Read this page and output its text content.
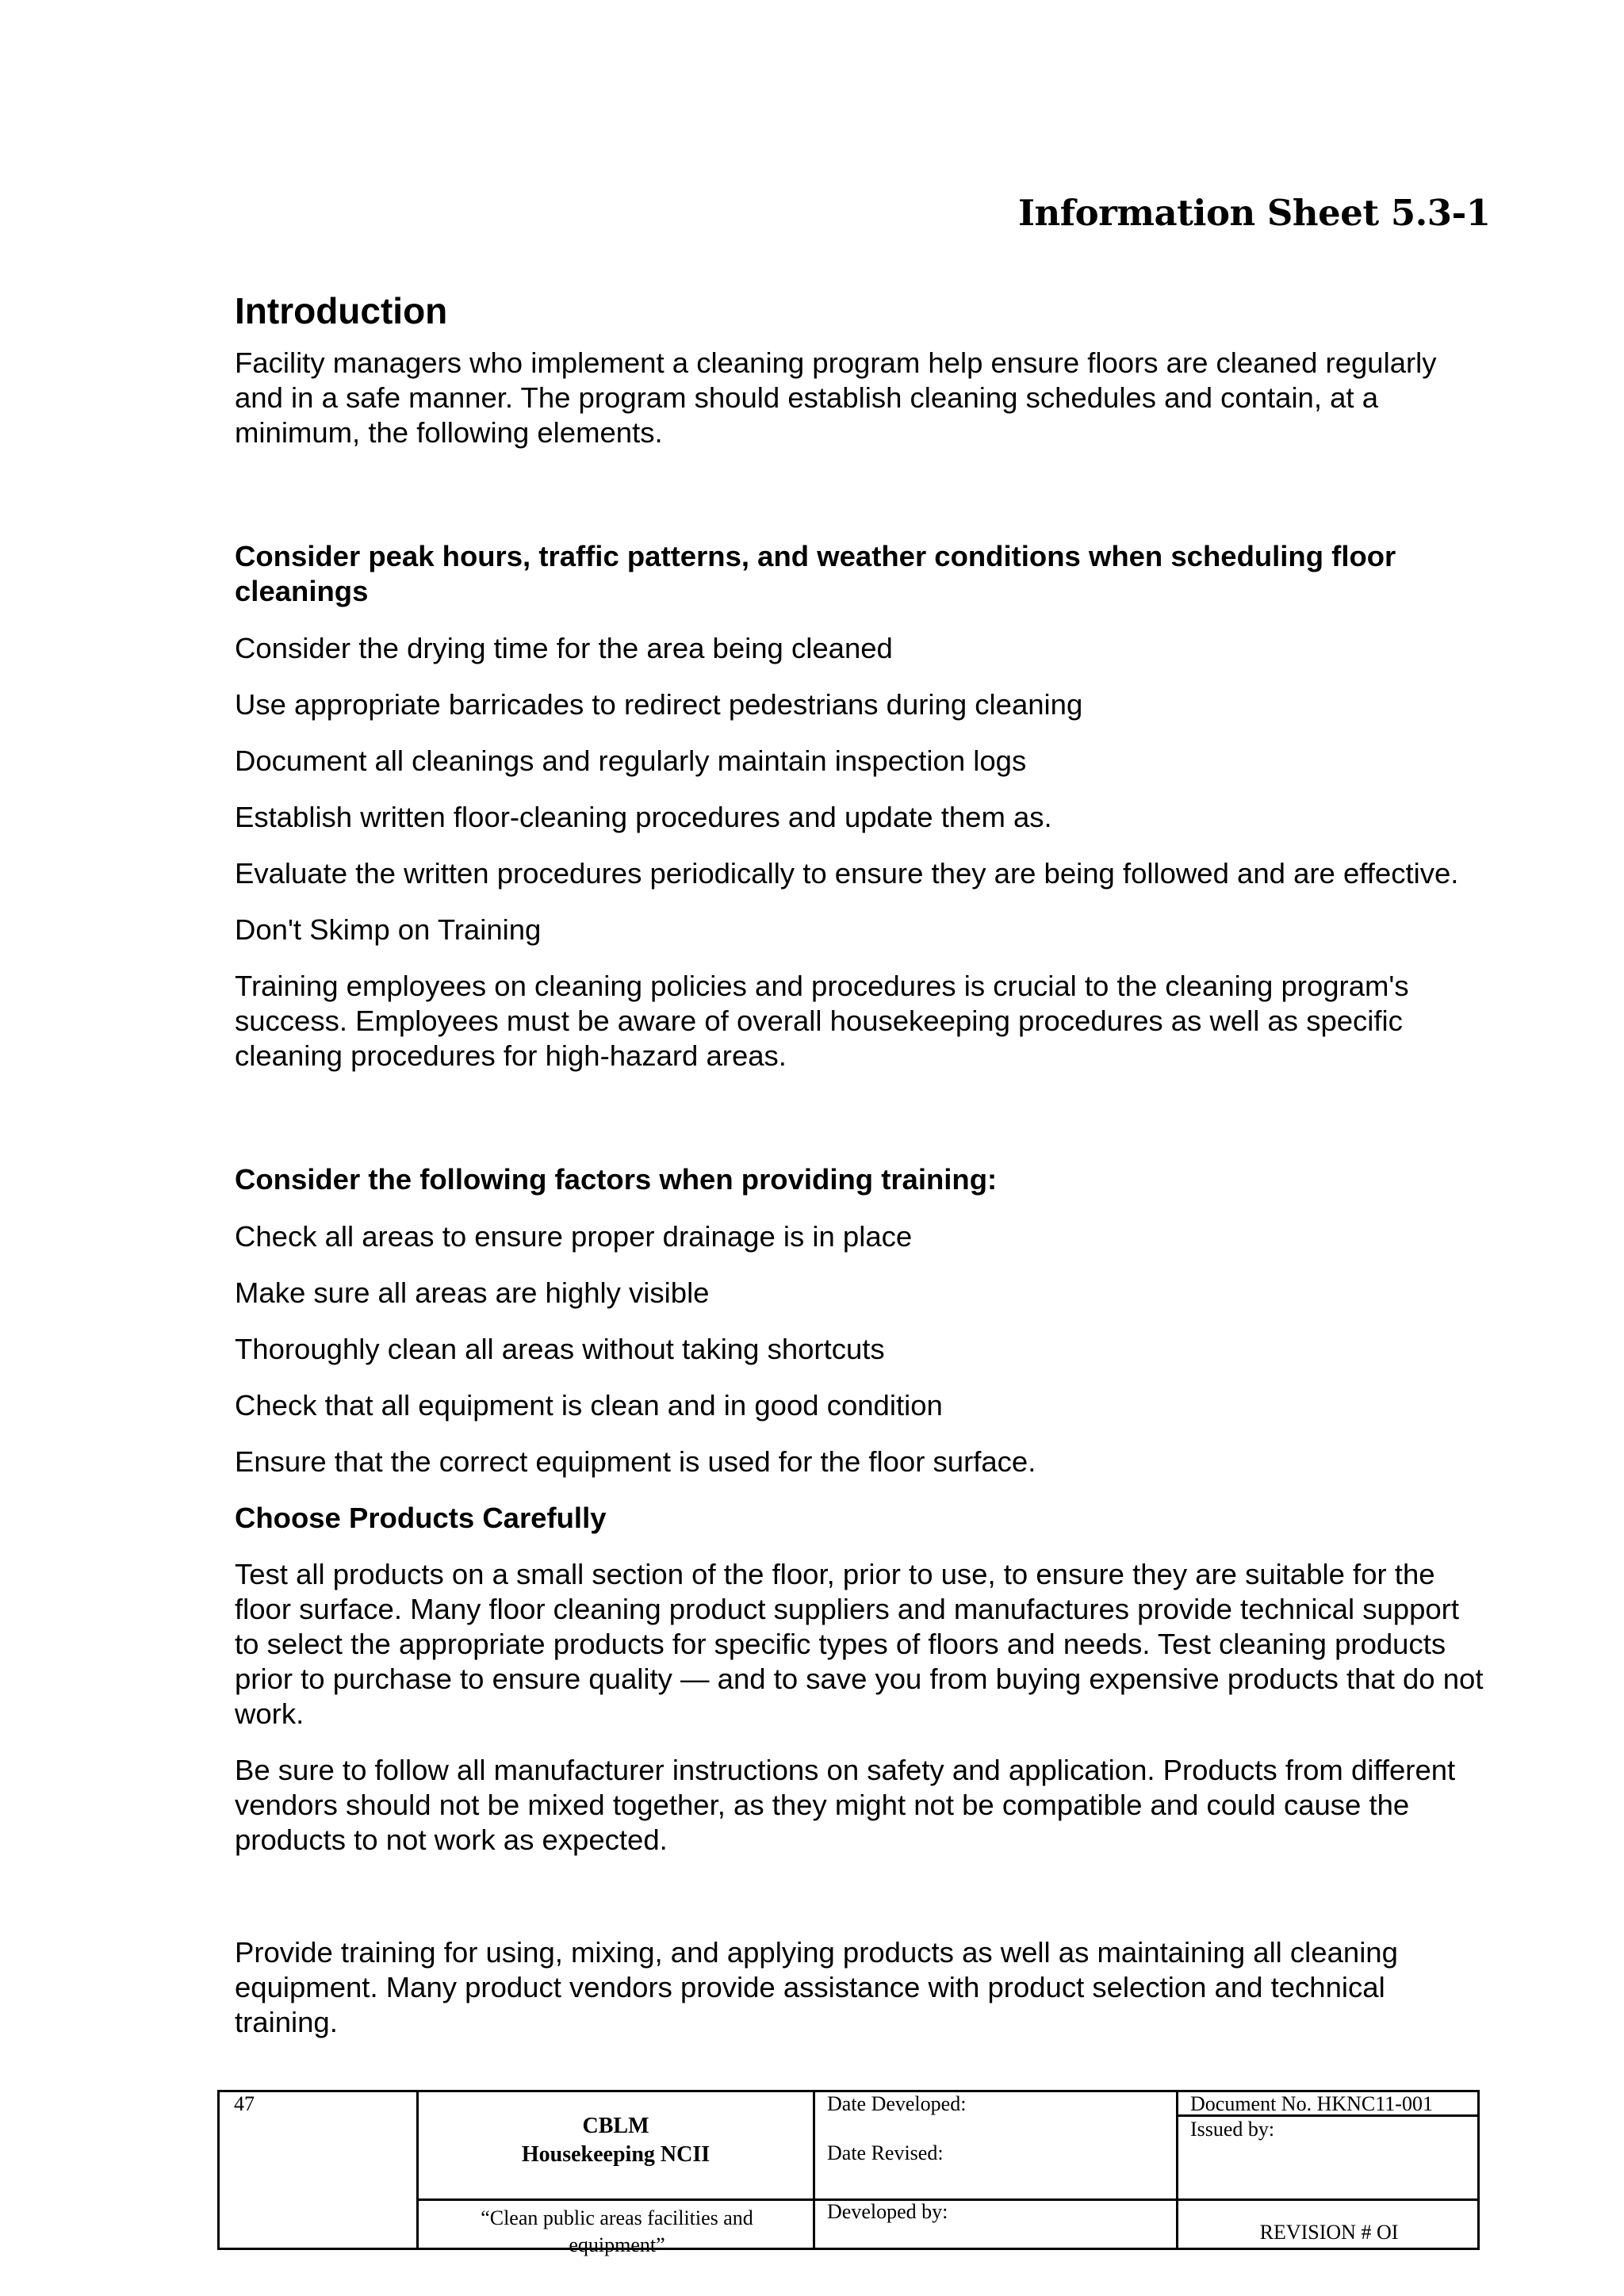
Information Sheet 5.3-1
Introduction

Facility managers who implement a cleaning program help ensure floors are cleaned regularly and in a safe manner. The program should establish cleaning schedules and contain, at a minimum, the following elements.

Consider peak hours, traffic patterns, and weather conditions when scheduling floor cleanings

Consider the drying time for the area being cleaned

Use appropriate barricades to redirect pedestrians during cleaning

Document all cleanings and regularly maintain inspection logs

Establish written floor-cleaning procedures and update them as.

Evaluate the written procedures periodically to ensure they are being followed and are effective.

Don't Skimp on Training

Training employees on cleaning policies and procedures is crucial to the cleaning program's success. Employees must be aware of overall housekeeping procedures as well as specific cleaning procedures for high-hazard areas.

Consider the following factors when providing training:

Check all areas to ensure proper drainage is in place

Make sure all areas are highly visible

Thoroughly clean all areas without taking shortcuts

Check that all equipment is clean and in good condition

Ensure that the correct equipment is used for the floor surface.

Choose Products Carefully

Test all products on a small section of the floor, prior to use, to ensure they are suitable for the floor surface. Many floor cleaning product suppliers and manufactures provide technical support to select the appropriate products for specific types of floors and needs. Test cleaning products prior to purchase to ensure quality — and to save you from buying expensive products that do not work.

Be sure to follow all manufacturer instructions on safety and application. Products from different vendors should not be mixed together, as they might not be compatible and could cause the products to not work as expected.

Provide training for using, mixing, and applying products as well as maintaining all cleaning equipment. Many product vendors provide assistance with product selection and technical training.

47
CBLM
Housekeeping NCII
“Clean public areas facilities and equipment”
Date Developed:
Date Revised:
Developed by:
Document No. HKNC11-001
Issued by:
REVISION # OI
